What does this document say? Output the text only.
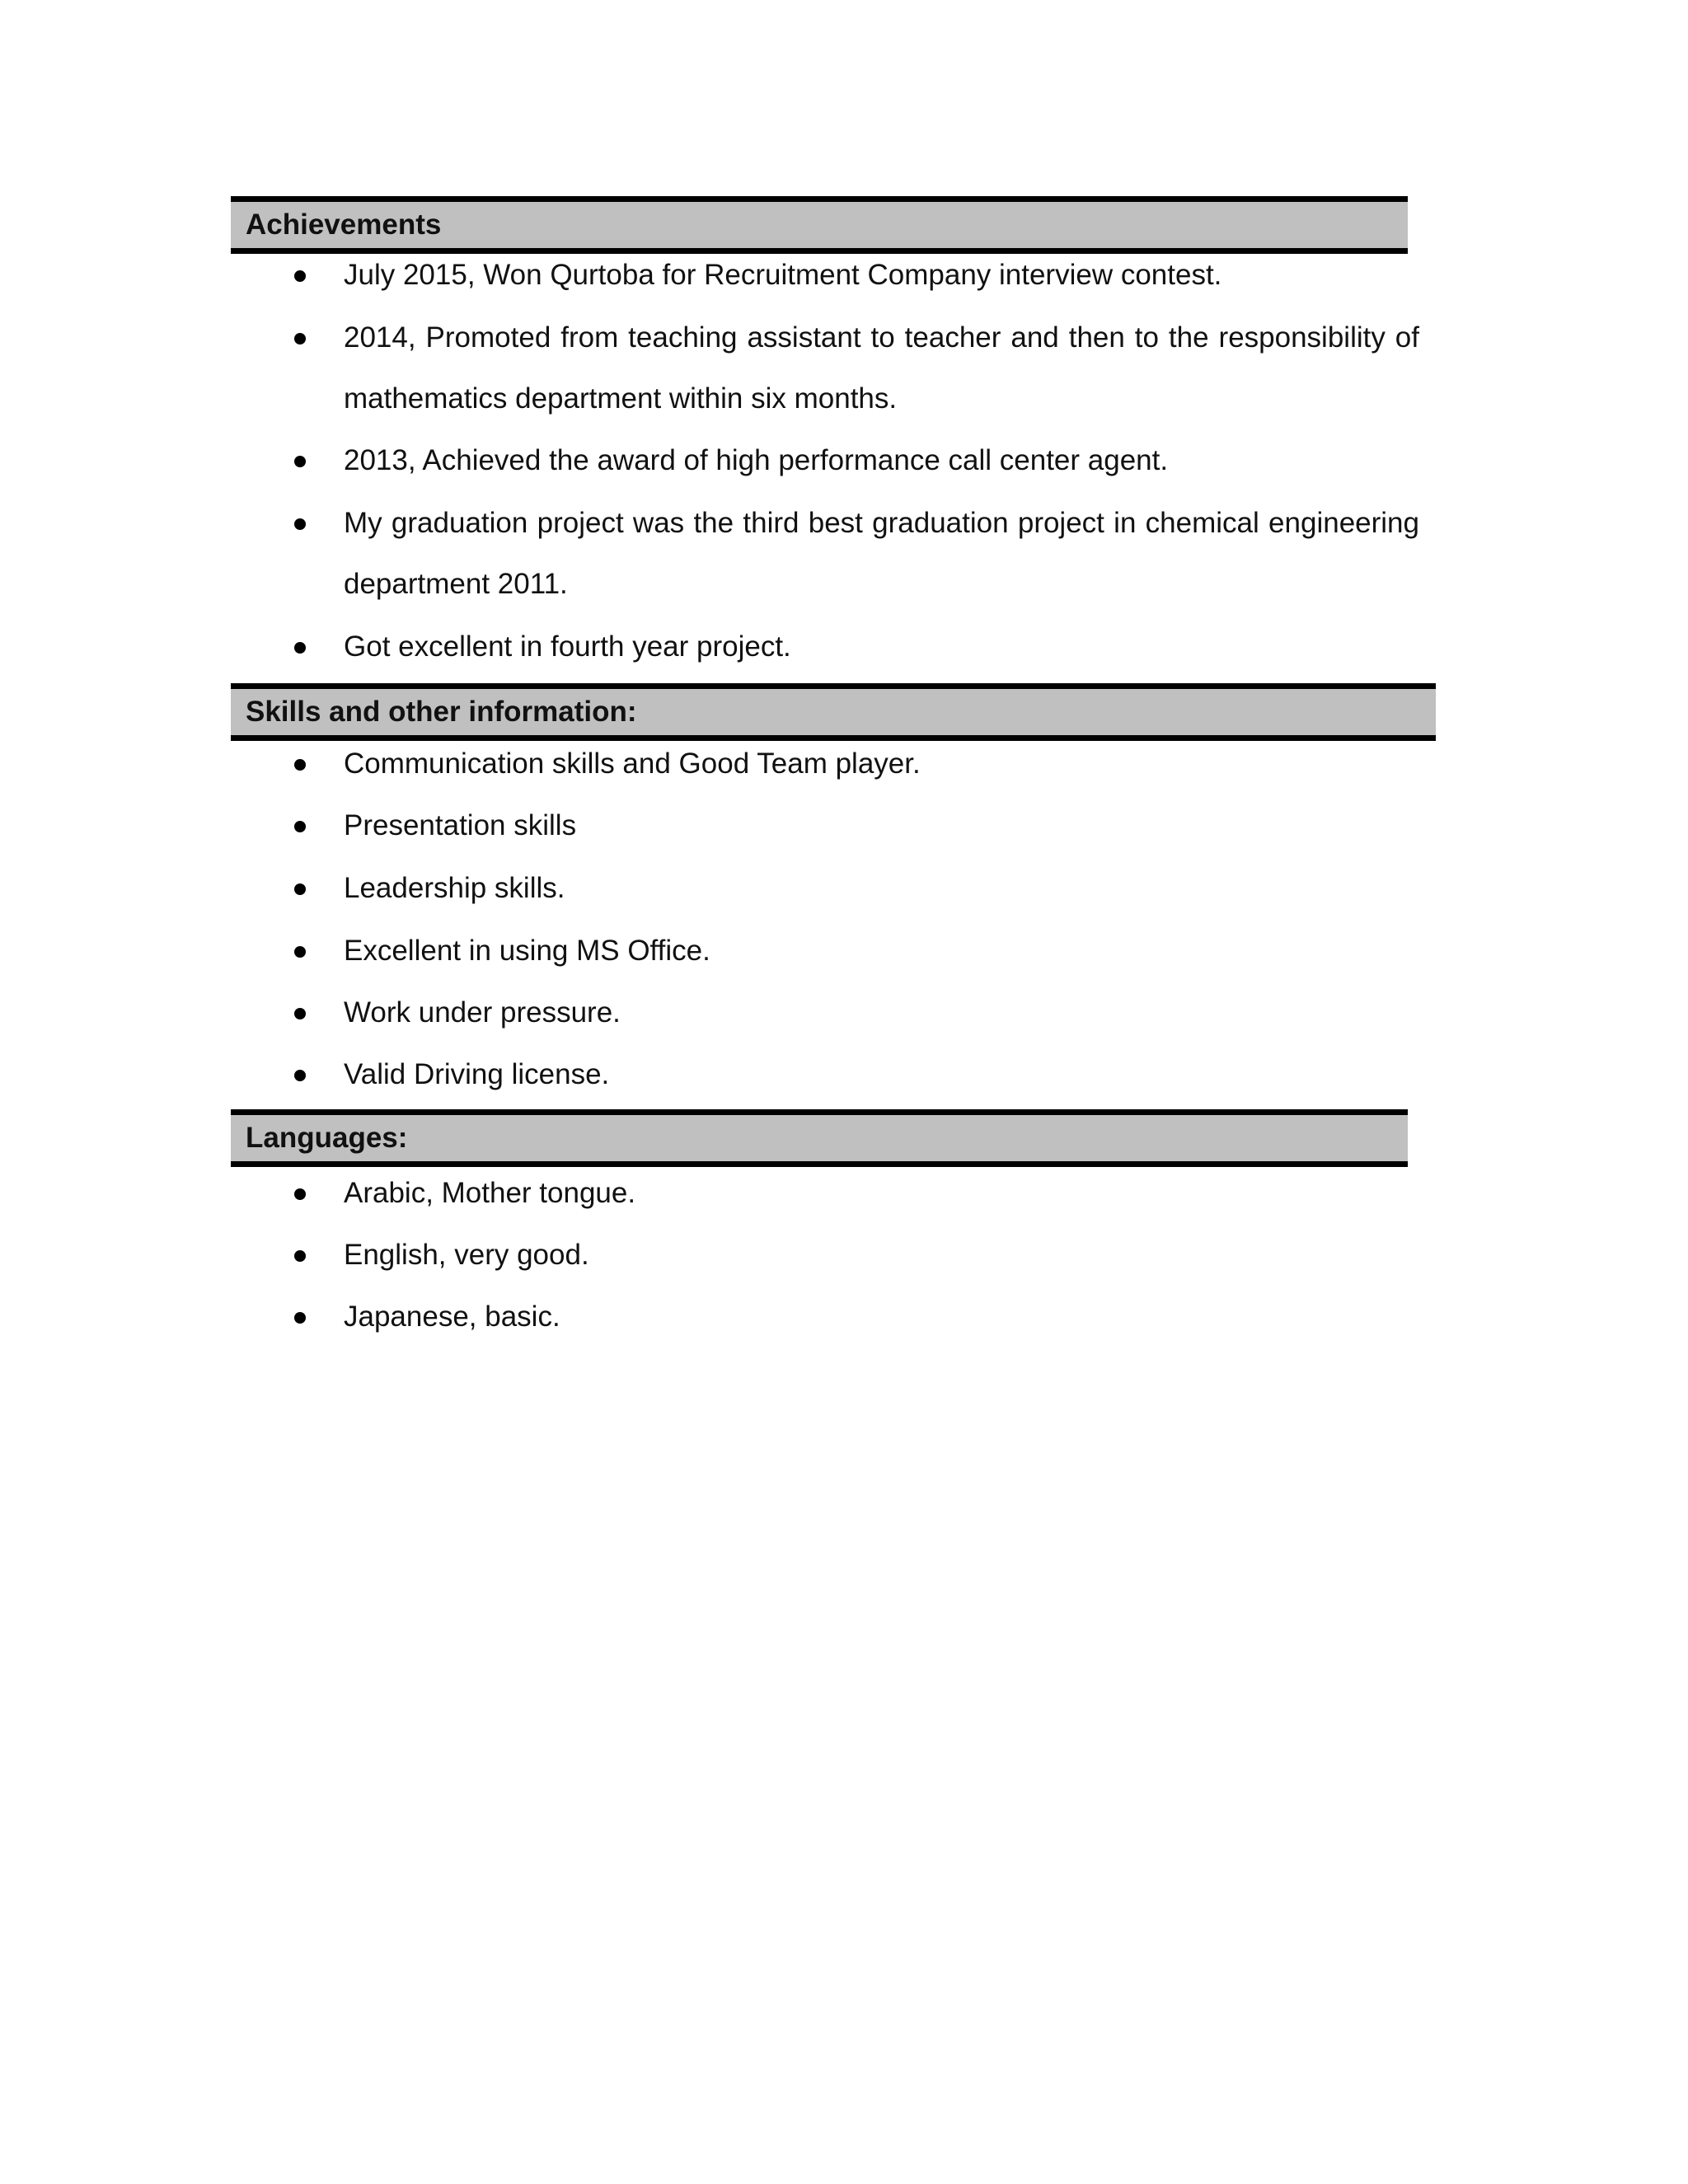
Achievements
July 2015, Won Qurtoba for Recruitment Company interview contest.
2014, Promoted from teaching assistant to teacher and then to the responsibility of mathematics department within six months.
2013, Achieved the award of high performance call center agent.
My graduation project was the third best graduation project in chemical engineering department 2011.
Got excellent in fourth year project.
Skills and other information:
Communication skills and Good Team player.
Presentation skills
Leadership skills.
Excellent in using MS Office.
Work under pressure.
Valid Driving license.
Languages:
Arabic, Mother tongue.
English, very good.
Japanese, basic.
